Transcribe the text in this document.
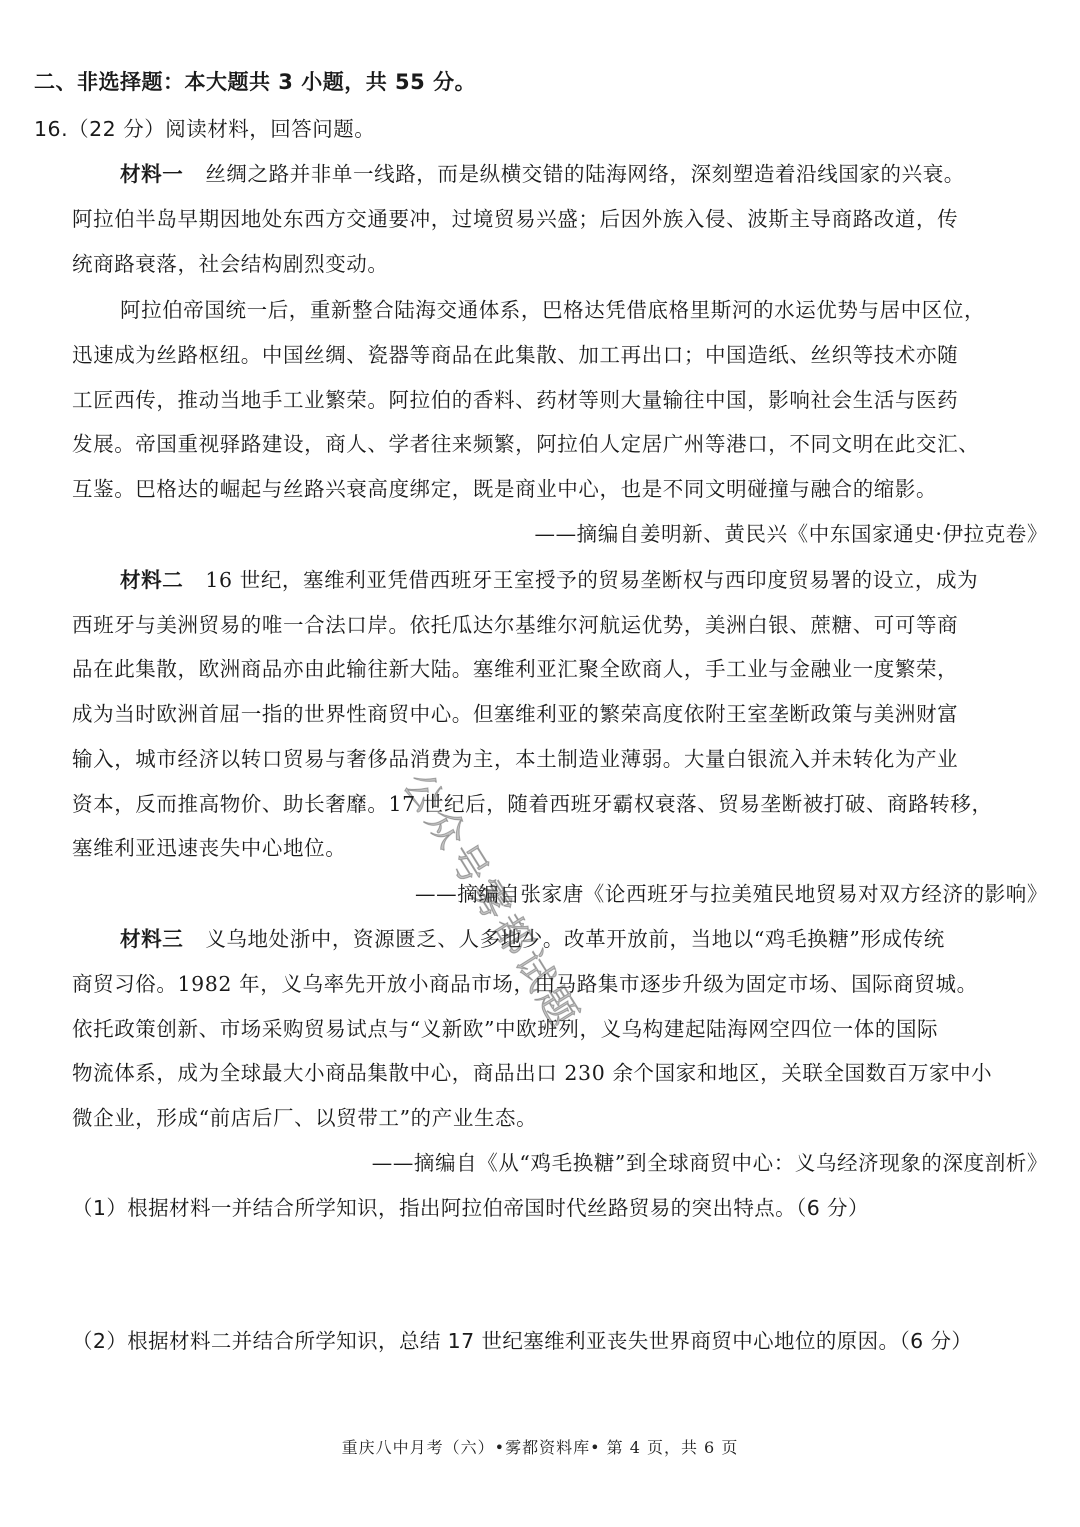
二、非选择题：本大题共 3 小题，共 55 分。
16.（22 分）阅读材料，回答问题。
材料一 丝绸之路并非单一线路，而是纵横交错的陆海网络，深刻塑造着沿线国家的兴衰。
阿拉伯半岛早期因地处东西方交通要冲，过境贸易兴盛；后因外族入侵、波斯主导商路改道，传
统商路衰落，社会结构剧烈变动。
阿拉伯帝国统一后，重新整合陆海交通体系，巴格达凭借底格里斯河的水运优势与居中区位，
迅速成为丝路枢纽。中国丝绸、瓷器等商品在此集散、加工再出口；中国造纸、丝织等技术亦随
工匠西传，推动当地手工业繁荣。阿拉伯的香料、药材等则大量输往中国，影响社会生活与医药
发展。帝国重视驿路建设，商人、学者往来频繁，阿拉伯人定居广州等港口，不同文明在此交汇、
互鉴。巴格达的崛起与丝路兴衰高度绑定，既是商业中心，也是不同文明碰撞与融合的缩影。
——摘编自姜明新、黄民兴《中东国家通史·伊拉克卷》
材料二 16 世纪，塞维利亚凭借西班牙王室授予的贸易垄断权与西印度贸易署的设立，成为
西班牙与美洲贸易的唯一合法口岸。依托瓜达尔基维尔河航运优势，美洲白银、蔗糖、可可等商
品在此集散，欧洲商品亦由此输往新大陆。塞维利亚汇聚全欧商人，手工业与金融业一度繁荣，
成为当时欧洲首屈一指的世界性商贸中心。但塞维利亚的繁荣高度依附王室垄断政策与美洲财富
输入，城市经济以转口贸易与奢侈品消费为主，本土制造业薄弱。大量白银流入并未转化为产业
资本，反而推高物价、助长奢靡。17 世纪后，随着西班牙霸权衰落、贸易垄断被打破、商路转移，
塞维利亚迅速丧失中心地位。
——摘编自张家唐《论西班牙与拉美殖民地贸易对双方经济的影响》
材料三 义乌地处浙中，资源匮乏、人多地少。改革开放前，当地以“鸡毛换糖”形成传统
商贸习俗。1982 年，义乌率先开放小商品市场，由马路集市逐步升级为固定市场、国际商贸城。
依托政策创新、市场采购贸易试点与“义新欧”中欧班列，义乌构建起陆海网空四位一体的国际
物流体系，成为全球最大小商品集散中心，商品出口 230 余个国家和地区，关联全国数百万家中小
微企业，形成“前店后厂、以贸带工”的产业生态。
——摘编自《从“鸡毛换糖”到全球商贸中心：义乌经济现象的深度剖析》
（1）根据材料一并结合所学知识，指出阿拉伯帝国时代丝路贸易的突出特点。（6 分）
（2）根据材料二并结合所学知识，总结 17 世纪塞维利亚丧失世界商贸中心地位的原因。（6 分）
重庆八中月考（六）•雾都资料库• 第 4 页，共 6 页
公众号雾都试题
